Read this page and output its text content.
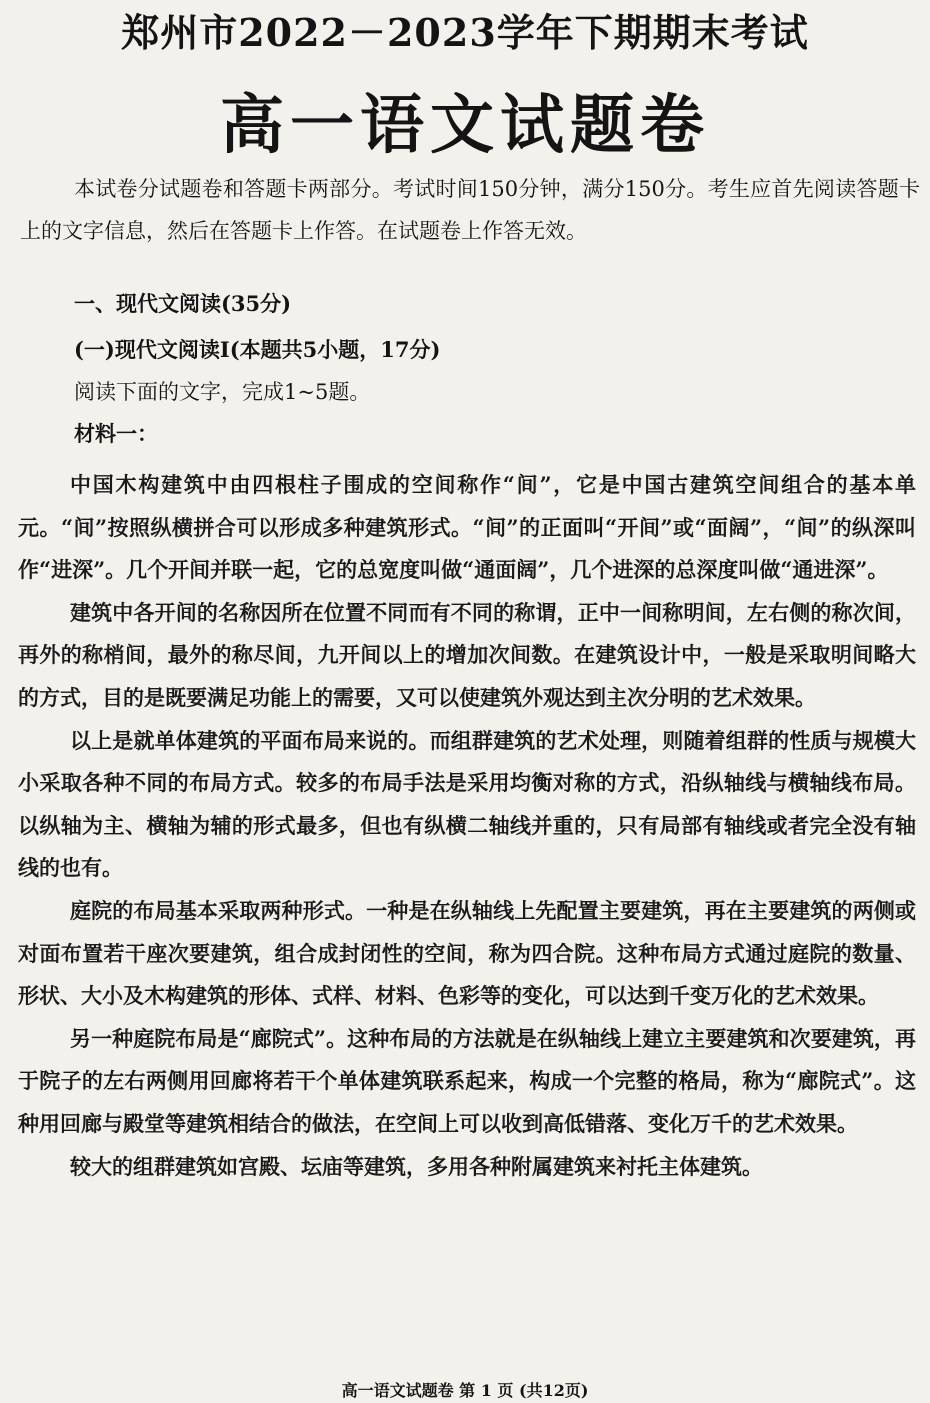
郑州市2022－2023学年下期期末考试
高一语文试题卷

本试卷分试题卷和答题卡两部分。考试时间150分钟，满分150分。考生应首先阅读答题卡上的文字信息，然后在答题卡上作答。在试题卷上作答无效。

一、现代文阅读(35分)
(一)现代文阅读Ⅰ(本题共5小题，17分)
阅读下面的文字，完成1~5题。
材料一：

中国木构建筑中由四根柱子围成的空间称作“间”，它是中国古建筑空间组合的基本单元。“间”按照纵横拼合可以形成多种建筑形式。“间”的正面叫“开间”或“面阔”，“间”的纵深叫作“进深”。几个开间并联一起，它的总宽度叫做“通面阔”，几个进深的总深度叫做“通进深”。

建筑中各开间的名称因所在位置不同而有不同的称谓，正中一间称明间，左右侧的称次间，再外的称梢间，最外的称尽间，九开间以上的增加次间数。在建筑设计中，一般是采取明间略大的方式，目的是既要满足功能上的需要，又可以使建筑外观达到主次分明的艺术效果。

以上是就单体建筑的平面布局来说的。而组群建筑的艺术处理，则随着组群的性质与规模大小采取各种不同的布局方式。较多的布局手法是采用均衡对称的方式，沿纵轴线与横轴线布局。以纵轴为主、横轴为辅的形式最多，但也有纵横二轴线并重的，只有局部有轴线或者完全没有轴线的也有。

庭院的布局基本采取两种形式。一种是在纵轴线上先配置主要建筑，再在主要建筑的两侧或对面布置若干座次要建筑，组合成封闭性的空间，称为四合院。这种布局方式通过庭院的数量、形状、大小及木构建筑的形体、式样、材料、色彩等的变化，可以达到千变万化的艺术效果。

另一种庭院布局是“廊院式”。这种布局的方法就是在纵轴线上建立主要建筑和次要建筑，再于院子的左右两侧用回廊将若干个单体建筑联系起来，构成一个完整的格局，称为“廊院式”。这种用回廊与殿堂等建筑相结合的做法，在空间上可以收到高低错落、变化万千的艺术效果。

较大的组群建筑如宫殿、坛庙等建筑，多用各种附属建筑来衬托主体建筑。

高一语文试题卷 第 1 页 (共12页)
